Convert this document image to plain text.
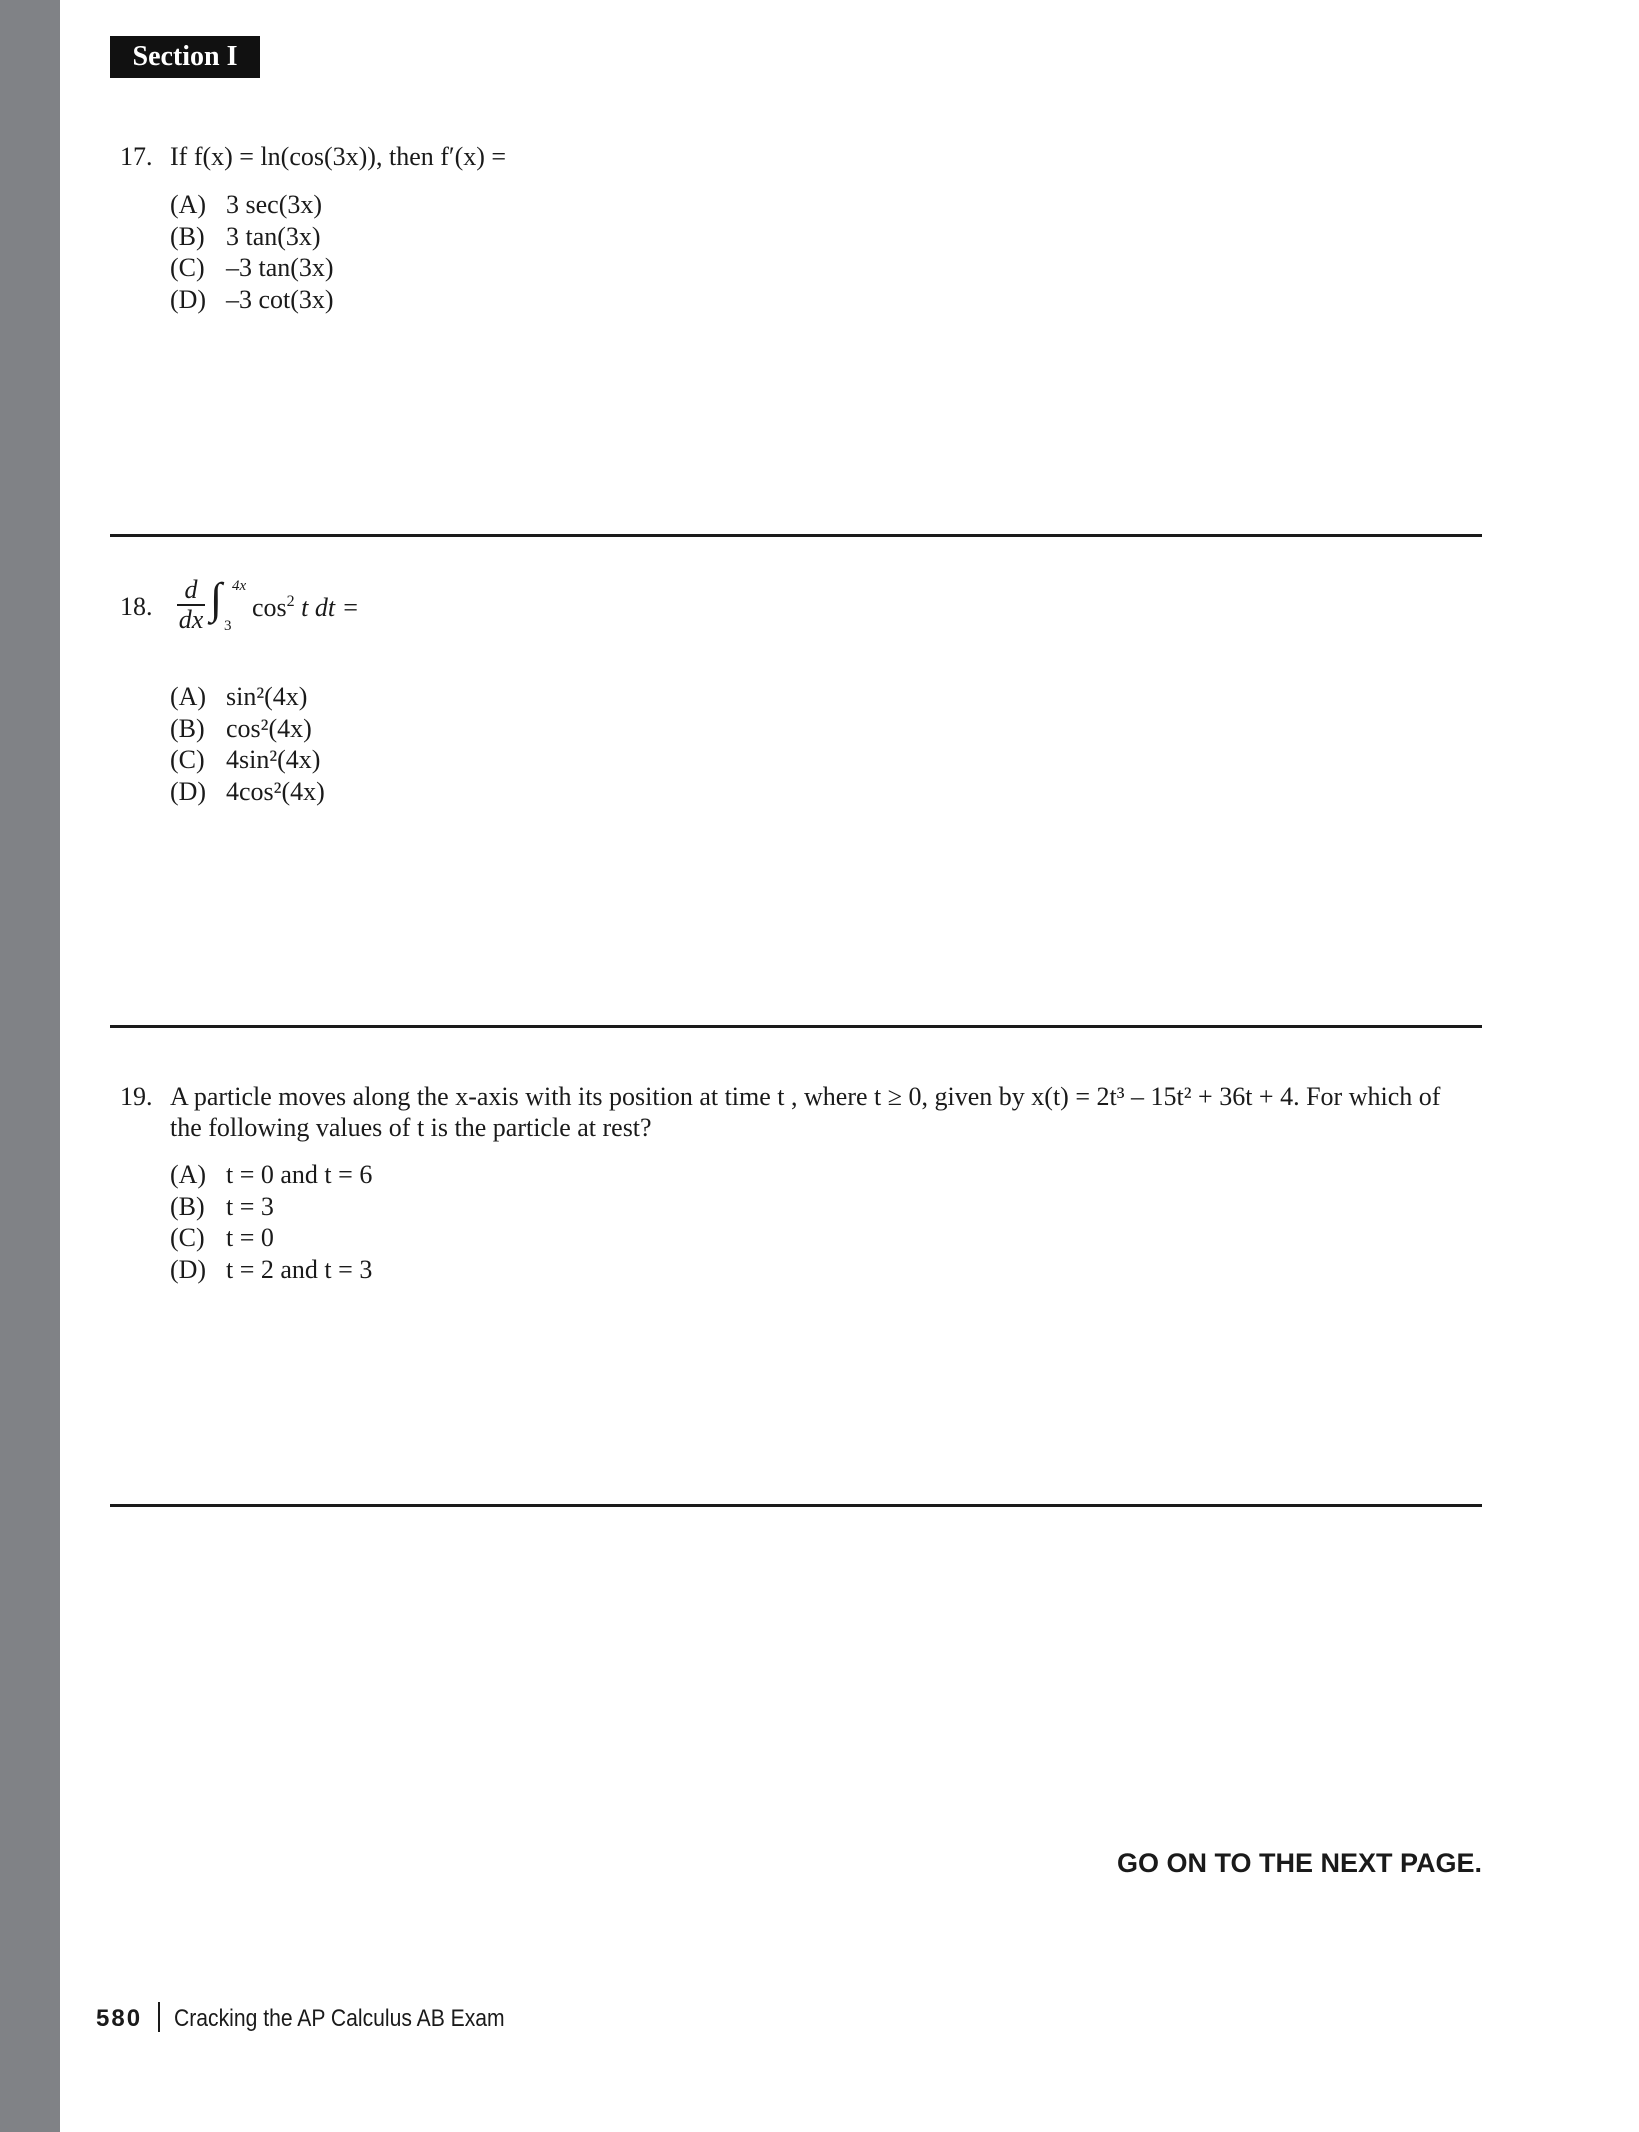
Section I
17. If f(x) = ln(cos(3x)), then f′(x) =
(A) 3 sec(3x)
(B) 3 tan(3x)
(C) –3 tan(3x)
(D) –3 cot(3x)
18.
d
dx ∫ 4x
3
$\cos^2 t$ dt =
(A) sin²(4x)
(B) cos²(4x)
(C) 4sin²(4x)
(D) 4cos²(4x)
19. A particle moves along the x-axis with its position at time t , where t ≥ 0, given by x(t) = 2t³ – 15t² + 36t + 4. For which of
the following values of t is the particle at rest?
(A) t = 0 and t = 6
(B) t = 3
(C) t = 0
(D) t = 2 and t = 3
GO ON TO THE NEXT PAGE.
580 Cracking the AP Calculus AB Exam
